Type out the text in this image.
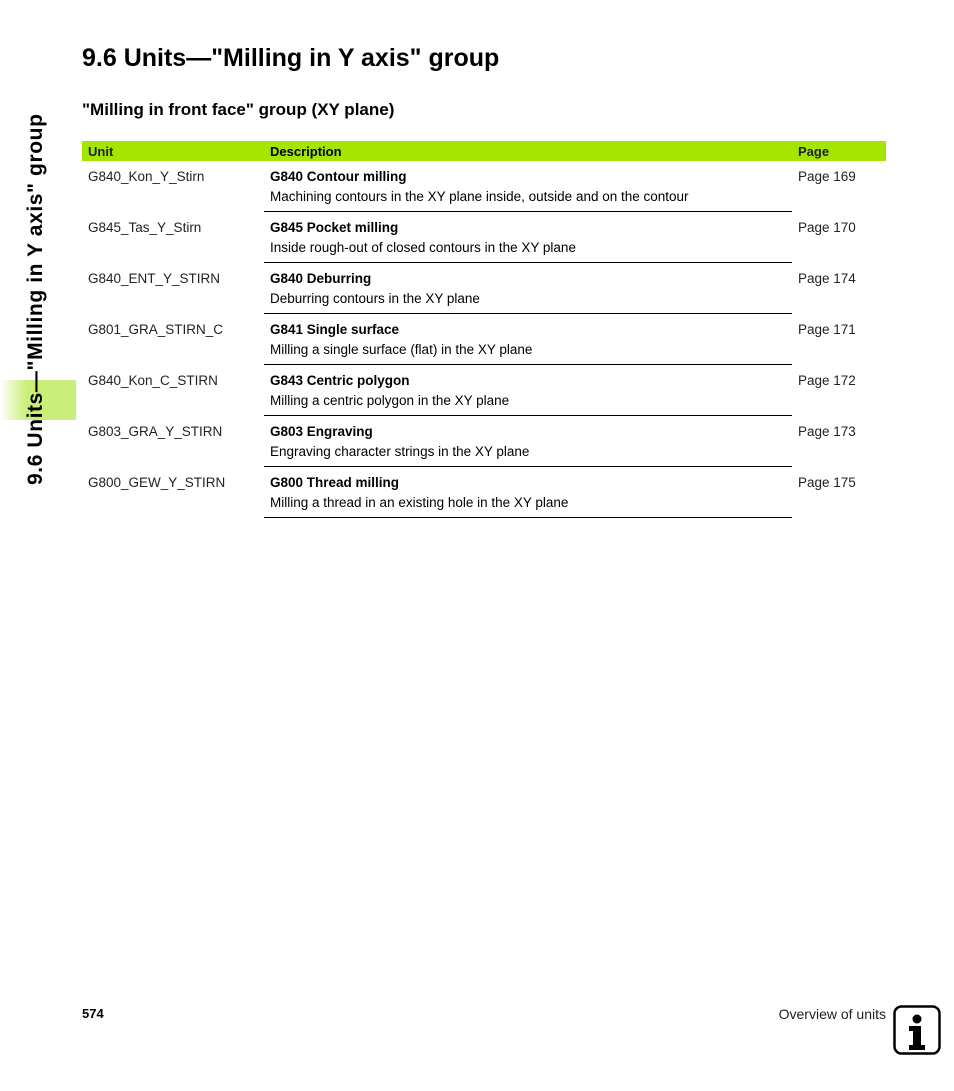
9.6 Units—"Milling in Y axis" group
9.6 Units—"Milling in Y axis" group
"Milling in front face" group (XY plane)
Unit	Description	Page
G840_Kon_Y_Stirn	G840 Contour milling	Page 169
	Machining contours in the XY plane inside, outside and on the contour	
G845_Tas_Y_Stirn	G845 Pocket milling	Page 170
	Inside rough-out of closed contours in the XY plane	
G840_ENT_Y_STIRN	G840 Deburring	Page 174
	Deburring contours in the XY plane	
G801_GRA_STIRN_C	G841 Single surface	Page 171
	Milling a single surface (flat) in the XY plane	
G840_Kon_C_STIRN	G843 Centric polygon	Page 172
	Milling a centric polygon in the XY plane	
G803_GRA_Y_STIRN	G803 Engraving	Page 173
	Engraving character strings in the XY plane	
G800_GEW_Y_STIRN	G800 Thread milling	Page 175
	Milling a thread in an existing hole in the XY plane	
574	Overview of units
